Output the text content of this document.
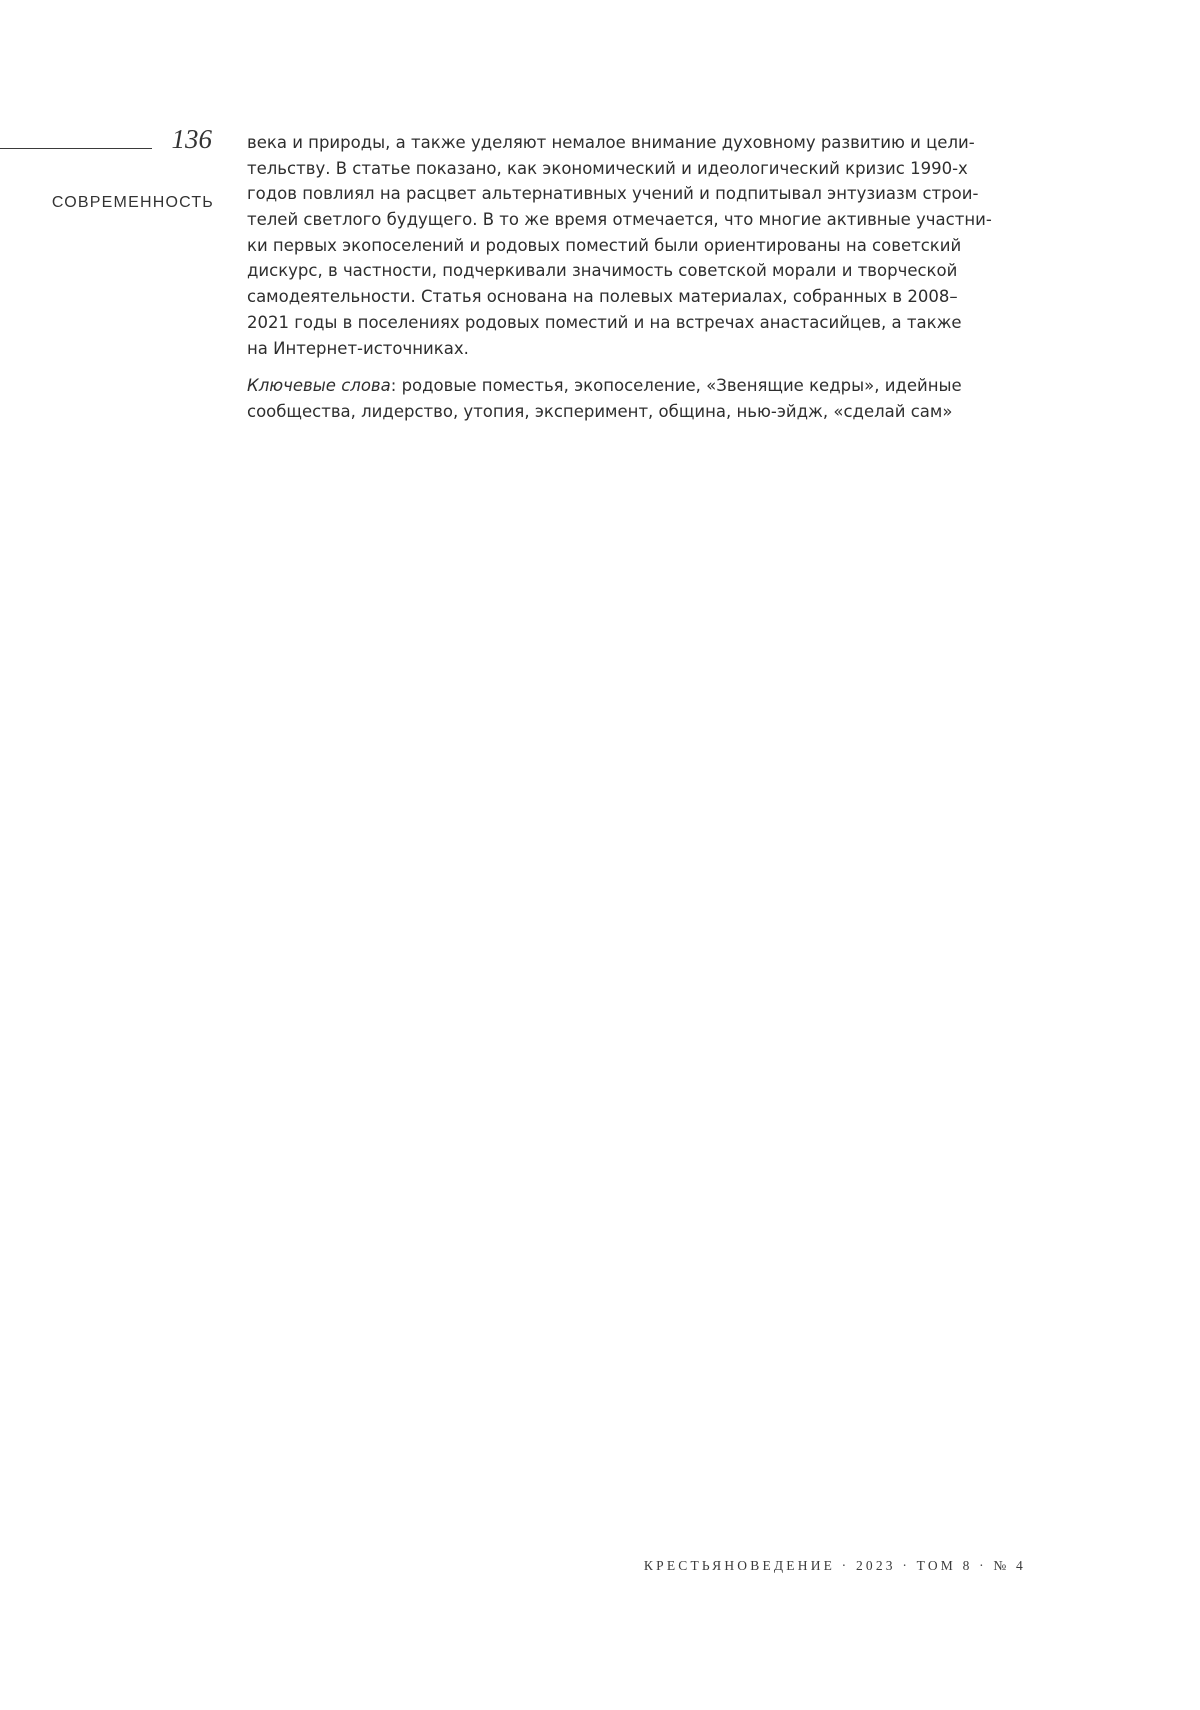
136
СОВРЕМЕННОСТЬ
века и природы, а также уделяют немалое внимание духовному развитию и цели-
тельству. В статье показано, как экономический и идеологический кризис 1990-х
годов повлиял на расцвет альтернативных учений и подпитывал энтузиазм строи-
телей светлого будущего. В то же время отмечается, что многие активные участни-
ки первых экопоселений и родовых поместий были ориентированы на советский
дискурс, в частности, подчеркивали значимость советской морали и творческой
самодеятельности. Статья основана на полевых материалах, собранных в 2008–
2021 годы в поселениях родовых поместий и на встречах анастасийцев, а также
на Интернет-источниках.
Ключевые слова: родовые поместья, экопоселение, «Звенящие кедры», идейные
сообщества, лидерство, утопия, эксперимент, община, нью-эйдж, «сделай сам»
КРЕСТЬЯНОВЕДЕНИЕ · 2023 · ТОМ 8 · № 4
